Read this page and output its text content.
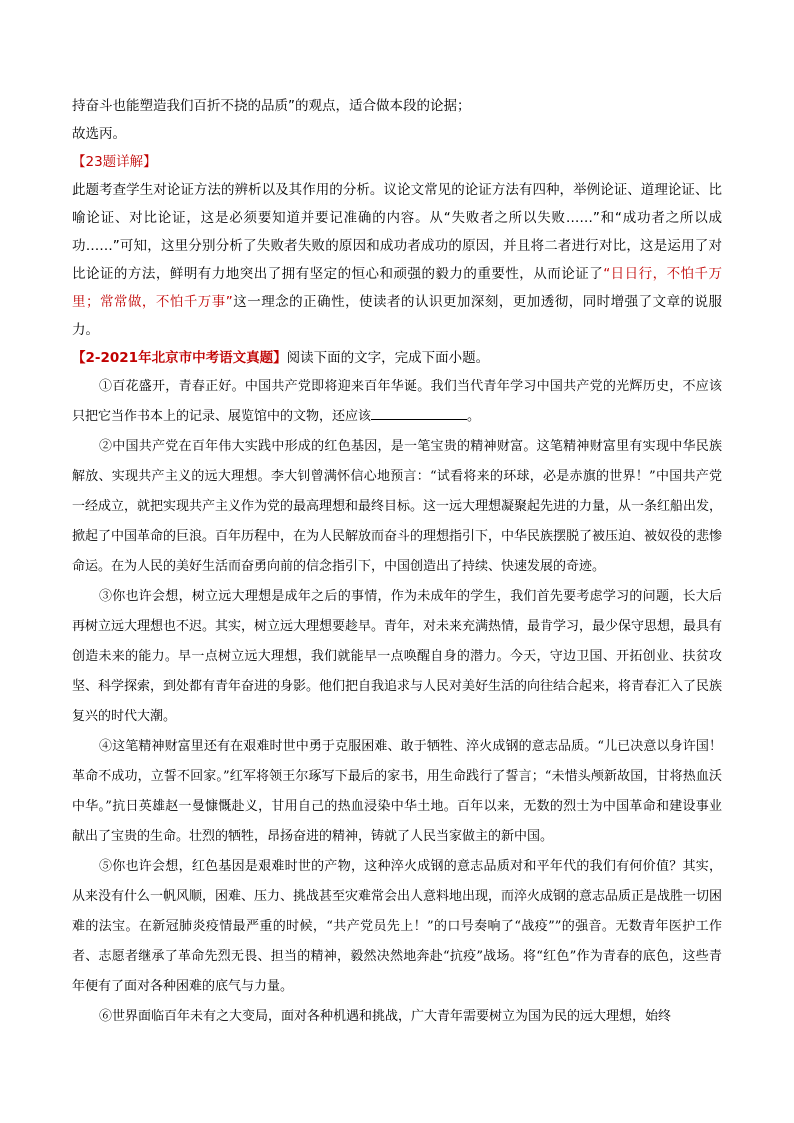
持奋斗也能塑造我们百折不挠的品质”的观点，适合做本段的论据；

故选丙。

【23题详解】

此题考查学生对论证方法的辨析以及其作用的分析。议论文常见的论证方法有四种，举例论证、道理论证、比喻论证、对比论证，这是必须要知道并要记准确的内容。从“失败者之所以失败……”和“成功者之所以成功……”可知，这里分别分析了失败者失败的原因和成功者成功的原因，并且将二者进行对比，这是运用了对比论证的方法，鲜明有力地突出了拥有坚定的恒心和顽强的毅力的重要性，从而论证了“日日行，不怕千万里；常常做，不怕千万事”这一理念的正确性，使读者的认识更加深刻，更加透彻，同时增强了文章的说服力。

【2-2021年北京市中考语文真题】阅读下面的文字，完成下面小题。

①百花盛开，青春正好。中国共产党即将迎来百年华诞。我们当代青年学习中国共产党的光辉历史，不应该只把它当作书本上的记录、展览馆中的文物，还应该	。

②中国共产党在百年伟大实践中形成的红色基因，是一笔宝贵的精神财富。这笔精神财富里有实现中华民族解放、实现共产主义的远大理想。李大钊曾满怀信心地预言：“试看将来的环球，必是赤旗的世界！”中国共产党一经成立，就把实现共产主义作为党的最高理想和最终目标。这一远大理想凝聚起先进的力量，从一条红船出发，掀起了中国革命的巨浪。百年历程中，在为人民解放而奋斗的理想指引下，中华民族摆脱了被压迫、被奴役的悲惨命运。在为人民的美好生活而奋勇向前的信念指引下，中国创造出了持续、快速发展的奇迹。

③你也许会想，树立远大理想是成年之后的事情，作为未成年的学生，我们首先要考虑学习的问题，长大后再树立远大理想也不迟。其实，树立远大理想要趁早。青年，对未来充满热情，最肯学习，最少保守思想，最具有创造未来的能力。早一点树立远大理想，我们就能早一点唤醒自身的潜力。今天，守边卫国、开拓创业、扶贫攻坚、科学探索，到处都有青年奋进的身影。他们把自我追求与人民对美好生活的向往结合起来，将青春汇入了民族复兴的时代大潮。

④这笔精神财富里还有在艰难时世中勇于克服困难、敢于牺牲、淬火成钢的意志品质。“儿已决意以身许国！革命不成功，立誓不回家。”红军将领王尔琢写下最后的家书，用生命践行了誓言；“未惜头颅新故国，甘将热血沃中华。”抗日英雄赵一曼慷慨赴义，甘用自己的热血浸染中华土地。百年以来，无数的烈士为中国革命和建设事业献出了宝贵的生命。壮烈的牺牲，昂扬奋进的精神，铸就了人民当家做主的新中国。

⑤你也许会想，红色基因是艰难时世的产物，这种淬火成钢的意志品质对和平年代的我们有何价值？其实，从来没有什么一帆风顺，困难、压力、挑战甚至灾难常会出人意料地出现，而淬火成钢的意志品质正是战胜一切困难的法宝。在新冠肺炎疫情最严重的时候，“共产党员先上！”的口号奏响了“战疫””的强音。无数青年医护工作者、志愿者继承了革命先烈无畏、担当的精神，毅然决然地奔赴“抗疫”战场。将“红色”作为青春的底色，这些青年便有了面对各种困难的底气与力量。

⑥世界面临百年未有之大变局，面对各种机遇和挑战，广大青年需要树立为国为民的远大理想，始终
